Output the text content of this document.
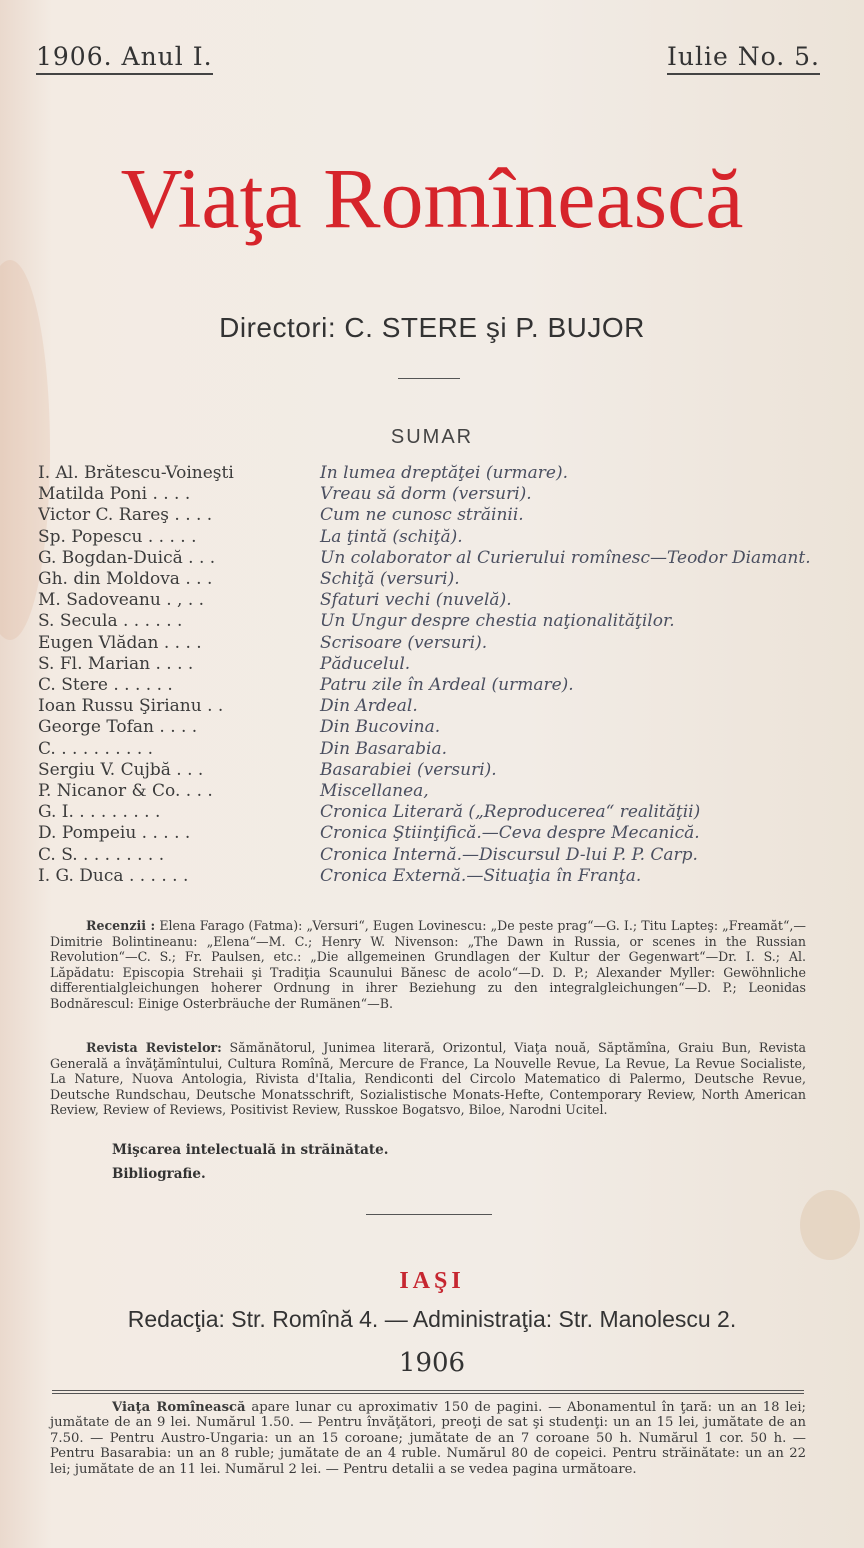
1906. Anul I.	Iulie No. 5.
Viaţa Romînească
Directori: C. STERE şi P. BUJOR
SUMAR
I. Al. Brătescu-Voineşti	In lumea dreptăţei (urmare).
Matilda Poni . . . .	Vreau să dorm (versuri).
Victor C. Rareş . . . .	Cum ne cunosc străinii.
Sp. Popescu . . . . .	La ţintă (schiţă).
G. Bogdan-Duică . . .	Un colaborator al Curierului romînesc—Teodor Diamant.
Gh. din Moldova . . .	Schiţă (versuri).
M. Sadoveanu . , . .	Sfaturi vechi (nuvelă).
S. Secula . . . . . .	Un Ungur despre chestia naţionalităţilor.
Eugen Vlădan . . . .	Scrisoare (versuri).
S. Fl. Marian . . . .	Păducelul.
C. Stere . . . . . .	Patru zile în Ardeal (urmare).
Ioan Russu Şirianu . .	Din Ardeal.
George Tofan . . . .	Din Bucovina.
C. . . . . . . . . .	Din Basarabia.
Sergiu V. Cujbă . . .	Basarabiei (versuri).
P. Nicanor & Co. . . .	Miscellanea,
G. I. . . . . . . . .	Cronica Literară („Reproducerea“ realităţii)
D. Pompeiu . . . . .	Cronica Ştiinţifică.—Ceva despre Mecanică.
C. S. . . . . . . . .	Cronica Internă.—Discursul D-lui P. P. Carp.
I. G. Duca . . . . . .	Cronica Externă.—Situaţia în Franţa.
Recenzii : Elena Farago (Fatma): „Versuri“, Eugen Lovinescu: „De peste prag“—G. I.; Titu Lapteş: „Freamăt“,—Dimitrie Bolintineanu: „Elena“—M. C.; Henry W. Nivenson: „The Dawn in Russia, or scenes in the Russian Revolution“—C. S.; Fr. Paulsen, etc.: „Die allgemeinen Grundlagen der Kultur der Gegenwart“—Dr. I. S.; Al. Lăpădatu: Episcopia Strehaii şi Tradiţia Scaunului Bănesc de acolo“—D. D. P.; Alexander Myller: Gewöhnliche differentialgleichungen hoherer Ordnung in ihrer Beziehung zu den integralgleichungen“—D. P.; Leonidas Bodnărescul: Einige Osterbräuche der Rumänen“—B.
Revista Revistelor: Sămănătorul, Junimea literară, Orizontul, Viaţa nouă, Săptămîna, Graiu Bun, Revista Generală a învăţămîntului, Cultura Romînă, Mercure de France, La Nouvelle Revue, La Revue, La Revue Socialiste, La Nature, Nuova Antologia, Rivista d'Italia, Rendiconti del Circolo Matematico di Palermo, Deutsche Revue, Deutsche Rundschau, Deutsche Monatsschrift, Sozialistische Monats-Hefte, Contemporary Review, North American Review, Review of Reviews, Positivist Review, Russkoe Bogatsvo, Biloe, Narodni Ucitel.
Mişcarea intelectuală in străinătate.
Bibliografie.
IAŞI
Redacţia: Str. Romînă 4. — Administraţia: Str. Manolescu 2.
1906
Viaţa Romînească apare lunar cu aproximativ 150 de pagini. — Abonamentul în ţară: un an 18 lei; jumătate de an 9 lei. Numărul 1.50. — Pentru învăţători, preoţi de sat şi studenţi: un an 15 lei, jumătate de an 7.50. — Pentru Austro-Ungaria: un an 15 coroane; jumătate de an 7 coroane 50 h. Numărul 1 cor. 50 h. — Pentru Basarabia: un an 8 ruble; jumătate de an 4 ruble. Numărul 80 de copeici. Pentru străinătate: un an 22 lei; jumătate de an 11 lei. Numărul 2 lei. — Pentru detalii a se vedea pagina următoare.
